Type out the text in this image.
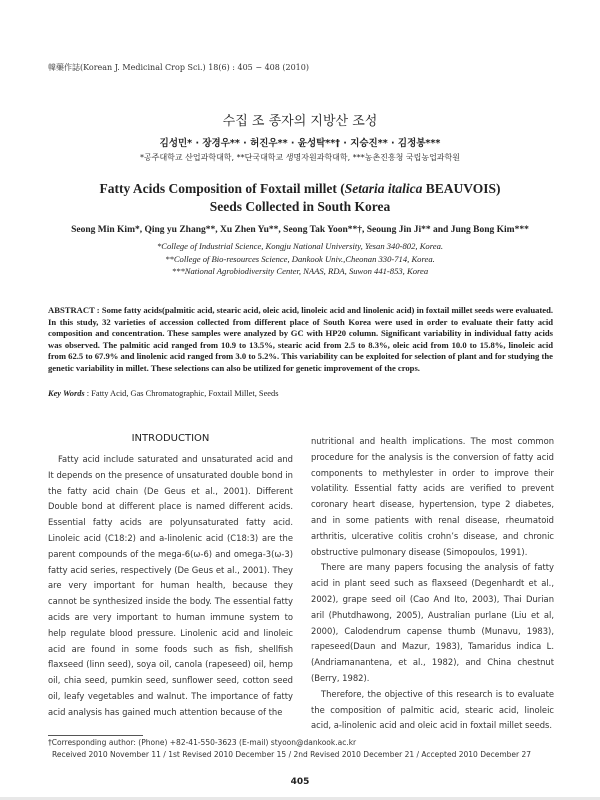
韓藥作誌(Korean J. Medicinal Crop Sci.) 18(6) : 405 − 408 (2010)
수집 조 종자의 지방산 조성
김성민* · 장경우** · 허진우** · 윤성탁**† · 지승진** · 김정봉***
*공주대학교 산업과학대학, **단국대학교 생명자원과학대학, ***농촌진흥청 국립농업과학원
Fatty Acids Composition of Foxtail millet (Setaria italica BEAUVOIS)
Seeds Collected in South Korea
Seong Min Kim*, Qing yu Zhang**, Xu Zhen Yu**, Seong Tak Yoon**†, Seoung Jin Ji** and Jung Bong Kim***
*College of Industrial Science, Kongju National University, Yesan 340-802, Korea.
**College of Bio-resources Science, Dankook Univ.,Cheonan 330-714, Korea.
***National Agrobiodiversity Center, NAAS, RDA, Suwon 441-853, Korea
ABSTRACT : Some fatty acids(palmitic acid, stearic acid, oleic acid, linoleic acid and linolenic acid) in foxtail millet seeds were evaluated. In this study, 32 varieties of accession collected from different place of South Korea were used in order to evaluate their fatty acid composition and concentration. These samples were analyzed by GC with HP20 column. Significant variability in individual fatty acids was observed. The palmitic acid ranged from 10.9 to 13.5%, stearic acid from 2.5 to 8.3%, oleic acid from 10.0 to 15.8%, linoleic acid from 62.5 to 67.9% and linolenic acid ranged from 3.0 to 5.2%. This variability can be exploited for selection of plant and for studying the genetic variability in millet. These selections can also be utilized for genetic improvement of the crops.
Key Words : Fatty Acid, Gas Chromatographic, Foxtail Millet, Seeds
INTRODUCTION

Fatty acid include saturated and unsaturated acid and It depends on the presence of unsaturated double bond in the fatty acid chain (De Geus et al., 2001). Different Double bond at different place is named different acids. Essential fatty acids are polyunsaturated fatty acid. Linoleic acid (C18:2) and a-linolenic acid (C18:3) are the parent compounds of the mega-6(ω-6) and omega-3(ω-3) fatty acid series, respectively (De Geus et al., 2001). They are very important for human health, because they cannot be synthesized inside the body. The essential fatty acids are very important to human immune system to help regulate blood pressure. Linolenic acid and linoleic acid are found in some foods such as fish, shellfish flaxseed (linn seed), soya oil, canola (rapeseed) oil, hemp oil, chia seed, pumkin seed, sunflower seed, cotton seed oil, leafy vegetables and walnut. The importance of fatty acid analysis has gained much attention because of the

nutritional and health implications. The most common procedure for the analysis is the conversion of fatty acid components to methylester in order to improve their volatility. Essential fatty acids are verified to prevent coronary heart disease, hypertension, type 2 diabetes, and in some patients with renal disease, rheumatoid arthritis, ulcerative colitis crohn’s disease, and chronic obstructive pulmonary disease (Simopoulos, 1991).

There are many papers focusing the analysis of fatty acid in plant seed such as flaxseed (Degenhardt et al., 2002), grape seed oil (Cao And Ito, 2003), Thai Durian aril (Phutdhawong, 2005), Australian purlane (Liu et al, 2000), Calodendrum capense thumb (Munavu, 1983), rapeseed(Daun and Mazur, 1983), Tamaridus indica L. (Andriamanantena, et al., 1982), and China chestnut (Berry, 1982).

Therefore, the objective of this research is to evaluate the composition of palmitic acid, stearic acid, linoleic acid, a-linolenic acid and oleic acid in foxtail millet seeds.

†Corresponding author: (Phone) +82-41-550-3623 (E-mail) styoon@dankook.ac.kr
Received 2010 November 11 / 1st Revised 2010 December 15 / 2nd Revised 2010 December 21 / Accepted 2010 December 27
405
